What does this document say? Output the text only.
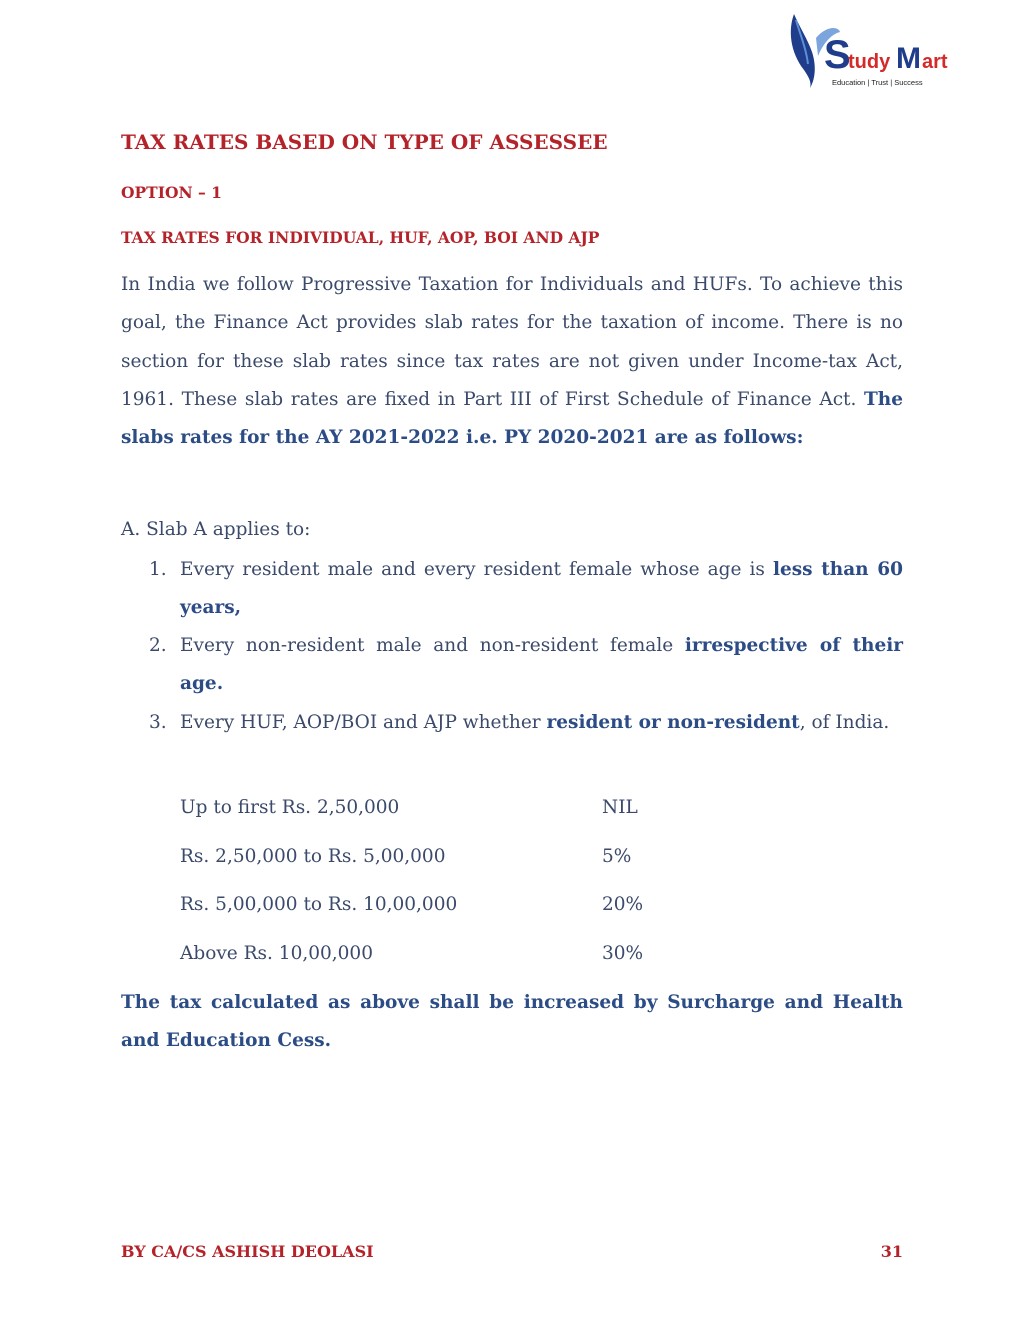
S
tudy M art
Education | Trust | Success
TAX RATES BASED ON TYPE OF ASSESSEE
OPTION – 1
TAX RATES FOR INDIVIDUAL, HUF, AOP, BOI AND AJP

In India we follow Progressive Taxation for Individuals and HUFs. To achieve this goal, the Finance Act provides slab rates for the taxation of income. There is no section for these slab rates since tax rates are not given under Income-tax Act, 1961. These slab rates are fixed in Part III of First Schedule of Finance Act. The slabs rates for the AY 2021-2022 i.e. PY 2020-2021 are as follows:

A. Slab A applies to:
1. Every resident male and every resident female whose age is less than 60 years,
2. Every non-resident male and non-resident female irrespective of their age.
3. Every HUF, AOP/BOI and AJP whether resident or non-resident, of India.
Up to first Rs. 2,50,000	NIL
Rs. 2,50,000 to Rs. 5,00,000	5%
Rs. 5,00,000 to Rs. 10,00,000	20%
Above Rs. 10,00,000	30%

The tax calculated as above shall be increased by Surcharge and Health and Education Cess.

BY CA/CS ASHISH DEOLASI	31
